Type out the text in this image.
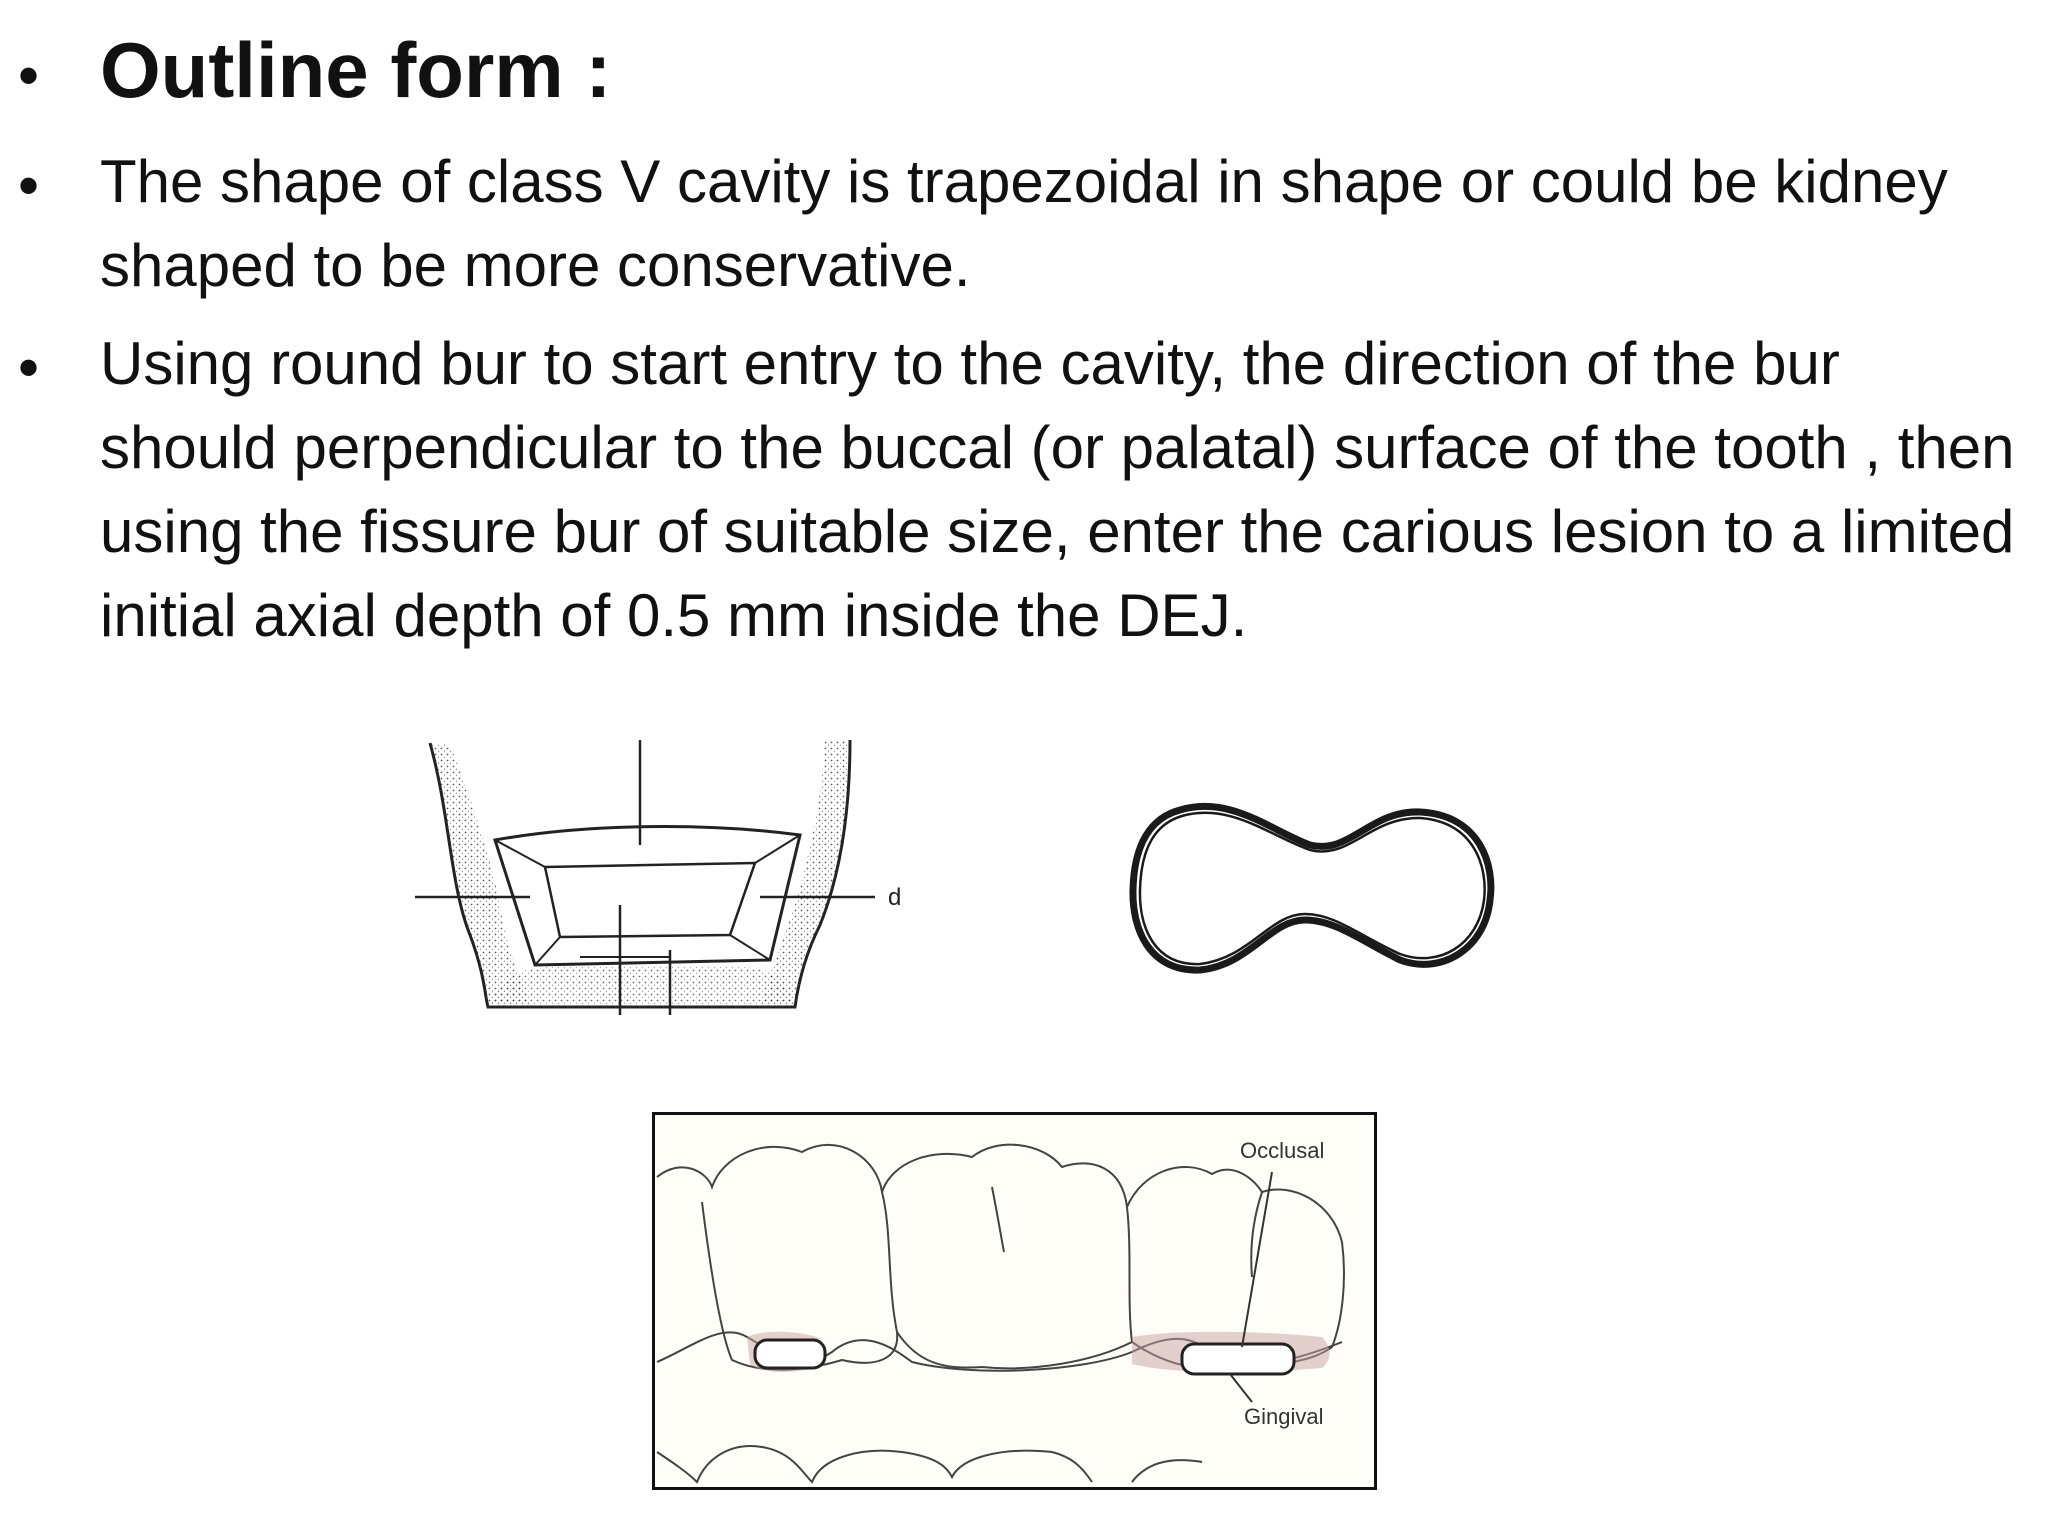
• Outline form :
• The shape of class V cavity is trapezoidal in shape or could be kidney shaped to be more conservative.
• Using round bur to start entry to the cavity, the direction of the bur should perpendicular to the buccal (or palatal) surface of the tooth , then using the fissure bur of suitable size, enter the carious lesion to a limited initial axial depth of 0.5 mm inside the DEJ.
d
Occlusal
Gingival
